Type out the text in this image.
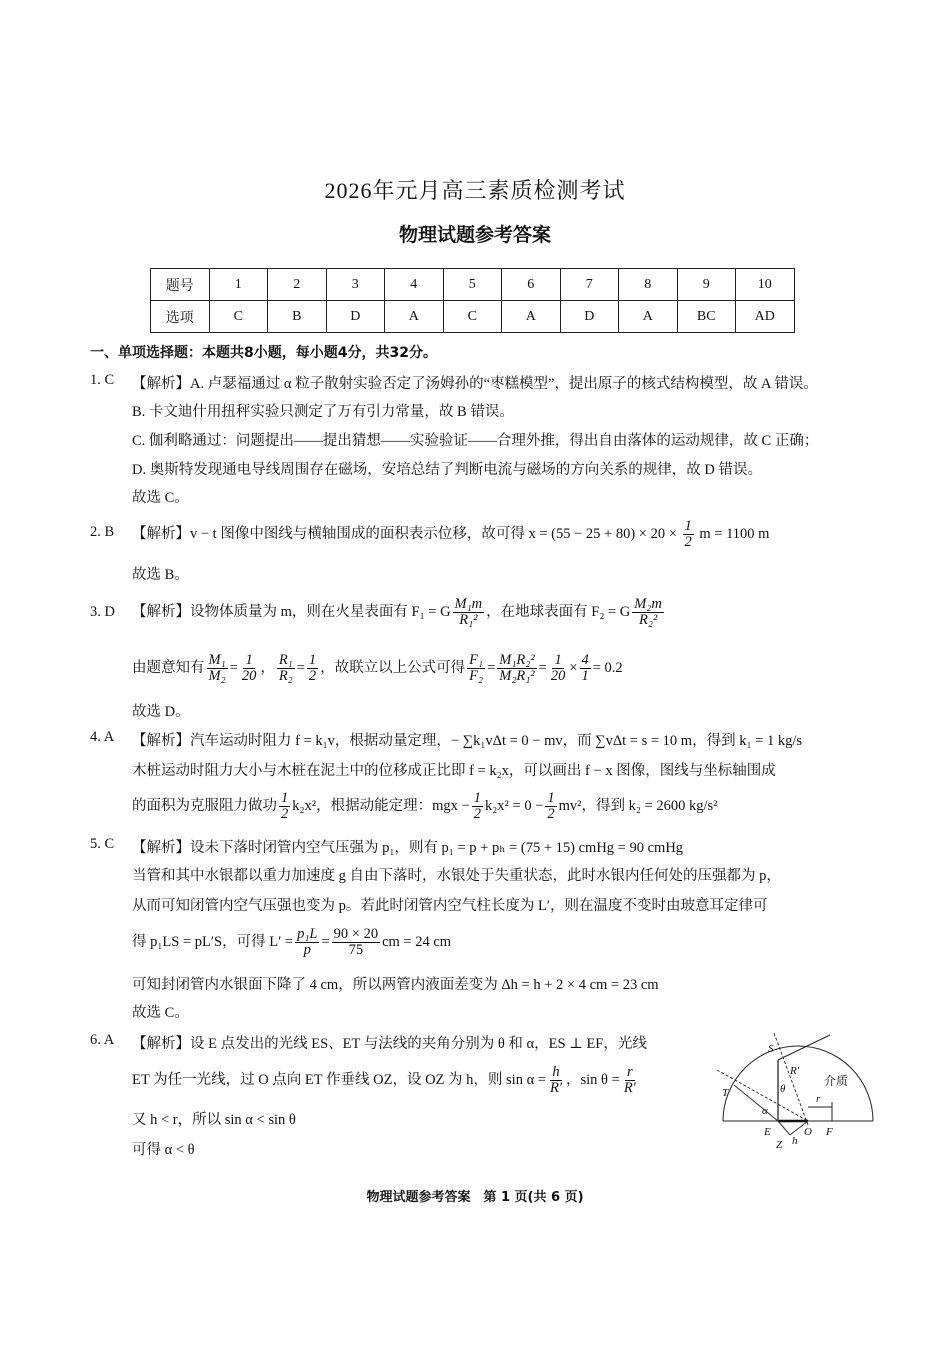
2026年元月高三素质检测考试
物理试题参考答案
题号	1	2	3	4	5	6	7	8	9	10
选项	C	B	D	A	C	A	D	A	BC	AD
一、单项选择题：本题共8小题，每小题4分，共32分。
1. C 【解析】A. 卢瑟福通过 α 粒子散射实验否定了汤姆孙的“枣糕模型”，提出原子的核式结构模型，故 A 错误。
B. 卡文迪什用扭秤实验只测定了万有引力常量，故 B 错误。
C. 伽利略通过：问题提出——提出猜想——实验验证——合理外推，得出自由落体的运动规律，故 C 正确；
D. 奥斯特发现通电导线周围存在磁场，安培总结了判断电流与磁场的方向关系的规律，故 D 错误。
故选 C。
2. B 【解析】v − t 图像中图线与横轴围成的面积表示位移，故可得 $x = (55 - 25 + 80) \times 20 \times \frac{1}{2}$ m = 1100 m
故选 B。
3. D 【解析】设物体质量为 m，则在火星表面有 F₁ = G $\frac{\text{M₁m}}{\text{R₁²}}$ ，在地球表面有 F₂ = G $\frac{\text{M₂m}}{\text{R₂²}}$
由题意知有 $\frac{\text{M₁}}{\text{M₂}} = \frac{1}{20}$ ， $\frac{\text{R₁}}{\text{R₂}} = \frac{1}{2}$ ，故联立以上公式可得 $\frac{\text{F₁}}{\text{F₂}} = \frac{\text{M₁R₂²}}{\text{M₂R₁²}} = \frac{1}{20} \times \frac{4}{1} = 0.2$
故选 D。
4. A 【解析】汽车运动时阻力 f = k₁v，根据动量定理，− ∑k₁vΔt = 0 − mv，而 ∑vΔt = s = 10 m，得到 k₁ = 1 kg/s
木桩运动时阻力大小与木桩在泥土中的位移成正比即 f = k₂x，可以画出 f − x 图像，图线与坐标轴围成
的面积为克服阻力做功 $\frac{1}{2} k_2x^2$，根据动能定理：mgx − $\frac{1}{2} k_2x^2 = 0 - \frac{1}{2} mv^2$，得到 k₂ = 2600 kg/s²
5. C 【解析】设未下落时闭管内空气压强为 p₁，则有 p₁ = p + pₕ = (75 + 15) cmHg = 90 cmHg
当管和其中水银都以重力加速度 g 自由下落时，水银处于失重状态，此时水银内任何处的压强都为 p，
从而可知闭管内空气压强也变为 p。若此时闭管内空气柱长度为 L′，则在温度不变时由玻意耳定律可
得 p₁LS = pL′S，可得 $L' = \frac{\text{p₁L}}{p} = \frac{90 \times 20}{75}$ cm = 24 cm
可知封闭管内水银面下降了 4 cm，所以两管内液面差变为 Δh = h + 2 × 4 cm = 23 cm
故选 C。
6. A 【解析】设 E 点发出的光线 ES、ET 与法线的夹角分别为 θ 和 α，ES ⊥ EF，光线
ET 为任一光线，过 O 点向 ET 作垂线 OZ，设 OZ 为 h，则 $\sin \alpha = \frac{h}{R'}$ ，$\sin \theta = \frac{r}{R'}$
又 h < r，所以 sin α < sin θ
可得 α < θ
S
T
R′
θ
α
介质
r
E	O F
Z h
物理试题参考答案　第 1 页(共 6 页)
